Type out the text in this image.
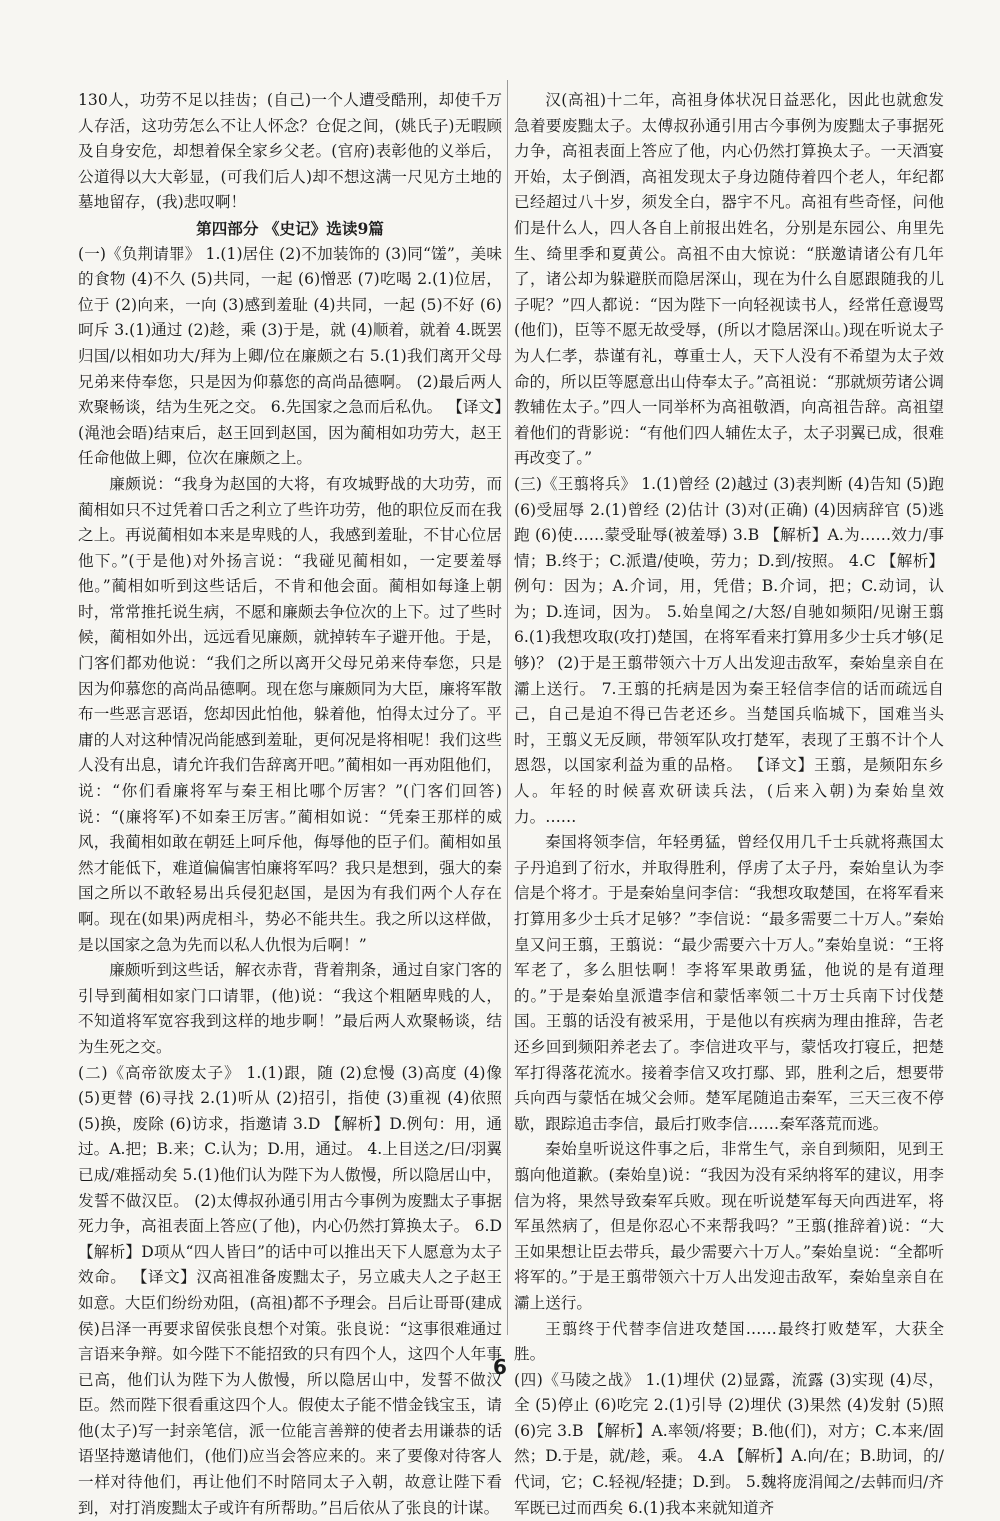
130人，功劳不足以挂齿；(自己)一个人遭受酷刑，却使千万人存活，这功劳怎么不让人怀念？仓促之间，(姚氏子)无暇顾及自身安危，却想着保全家乡父老。(官府)表彰他的义举后，公道得以大大彰显，(可我们后人)却不想这满一尺见方土地的墓地留存，(我)悲叹啊！

第四部分 《史记》选读9篇

(一)《负荆请罪》 1.(1)居住 (2)不加装饰的 (3)同“馐”，美味的食物 (4)不久 (5)共同，一起 (6)憎恶 (7)吃喝 2.(1)位居，位于 (2)向来，一向 (3)感到羞耻 (4)共同，一起 (5)不好 (6)呵斥 3.(1)通过 (2)趁，乘 (3)于是，就 (4)顺着，就着 4.既罢归国/以相如功大/拜为上卿/位在廉颇之右 5.(1)我们离开父母兄弟来侍奉您，只是因为仰慕您的高尚品德啊。 (2)最后两人欢聚畅谈，结为生死之交。 6.先国家之急而后私仇。 【译文】(渑池会晤)结束后，赵王回到赵国，因为蔺相如功劳大，赵王任命他做上卿，位次在廉颇之上。

廉颇说：“我身为赵国的大将，有攻城野战的大功劳，而蔺相如只不过凭着口舌之利立了些许功劳，他的职位反而在我之上。再说蔺相如本来是卑贱的人，我感到羞耻，不甘心位居他下。”(于是他)对外扬言说：“我碰见蔺相如，一定要羞辱他。”蔺相如听到这些话后，不肯和他会面。蔺相如每逢上朝时，常常推托说生病，不愿和廉颇去争位次的上下。过了些时候，蔺相如外出，远远看见廉颇，就掉转车子避开他。于是，门客们都劝他说：“我们之所以离开父母兄弟来侍奉您，只是因为仰慕您的高尚品德啊。现在您与廉颇同为大臣，廉将军散布一些恶言恶语，您却因此怕他，躲着他，怕得太过分了。平庸的人对这种情况尚能感到羞耻，更何况是将相呢！我们这些人没有出息，请允许我们告辞离开吧。”蔺相如一再劝阻他们，说：“你们看廉将军与秦王相比哪个厉害？”(门客们回答)说：“(廉将军)不如秦王厉害。”蔺相如说：“凭秦王那样的威风，我蔺相如敢在朝廷上呵斥他，侮辱他的臣子们。蔺相如虽然才能低下，难道偏偏害怕廉将军吗？我只是想到，强大的秦国之所以不敢轻易出兵侵犯赵国，是因为有我们两个人存在啊。现在(如果)两虎相斗，势必不能共生。我之所以这样做，是以国家之急为先而以私人仇恨为后啊！”

廉颇听到这些话，解衣赤背，背着荆条，通过自家门客的引导到蔺相如家门口请罪，(他)说：“我这个粗陋卑贱的人，不知道将军宽容我到这样的地步啊！”最后两人欢聚畅谈，结为生死之交。

(二)《高帝欲废太子》 1.(1)跟，随 (2)怠慢 (3)高度 (4)像 (5)更替 (6)寻找 2.(1)听从 (2)招引，指使 (3)重视 (4)依照 (5)换，废除 (6)访求，指邀请 3.D 【解析】D.例句：用，通过。A.把；B.来；C.认为；D.用，通过。 4.上目送之/曰/羽翼已成/难摇动矣 5.(1)他们认为陛下为人傲慢，所以隐居山中，发誓不做汉臣。 (2)太傅叔孙通引用古今事例为废黜太子事据死力争，高祖表面上答应(了他)，内心仍然打算换太子。 6.D 【解析】D项从“四人皆曰”的话中可以推出天下人愿意为太子效命。 【译文】汉高祖准备废黜太子，另立戚夫人之子赵王如意。大臣们纷纷劝阻，(高祖)都不予理会。吕后让哥哥(建成侯)吕泽一再要求留侯张良想个对策。张良说：“这事很难通过言语来争辩。如今陛下不能招致的只有四个人，这四个人年事已高，他们认为陛下为人傲慢，所以隐居山中，发誓不做汉臣。然而陛下很看重这四个人。假使太子能不惜金钱宝玉，请他(太子)写一封亲笔信，派一位能言善辩的使者去用谦恭的话语坚持邀请他们，(他们)应当会答应来的。来了要像对待客人一样对待他们，再让他们不时陪同太子入朝，故意让陛下看到，对打消废黜太子或许有所帮助。”吕后依从了张良的计谋。

汉(高祖)十二年，高祖身体状况日益恶化，因此也就愈发急着要废黜太子。太傅叔孙通引用古今事例为废黜太子事据死力争，高祖表面上答应了他，内心仍然打算换太子。一天酒宴开始，太子倒酒，高祖发现太子身边随侍着四个老人，年纪都已经超过八十岁，须发全白，器宇不凡。高祖有些奇怪，问他们是什么人，四人各自上前报出姓名，分别是东园公、甪里先生、绮里季和夏黄公。高祖不由大惊说：“朕邀请诸公有几年了，诸公却为躲避朕而隐居深山，现在为什么自愿跟随我的儿子呢？”四人都说：“因为陛下一向轻视读书人，经常任意谩骂(他们)，臣等不愿无故受辱，(所以才隐居深山。)现在听说太子为人仁孝，恭谨有礼，尊重士人，天下人没有不希望为太子效命的，所以臣等愿意出山侍奉太子。”高祖说：“那就烦劳诸公调教辅佐太子。”四人一同举杯为高祖敬酒，向高祖告辞。高祖望着他们的背影说：“有他们四人辅佐太子，太子羽翼已成，很难再改变了。”

(三)《王翦将兵》 1.(1)曾经 (2)越过 (3)表判断 (4)告知 (5)跑 (6)受屈辱 2.(1)曾经 (2)估计 (3)对(正确) (4)因病辞官 (5)逃跑 (6)使……蒙受耻辱(被羞辱) 3.B 【解析】A.为……效力/事情；B.终于；C.派遣/使唤，劳力；D.到/按照。 4.C 【解析】例句：因为；A.介词，用，凭借；B.介词，把；C.动词，认为；D.连词，因为。 5.始皇闻之/大怒/自驰如频阳/见谢王翦 6.(1)我想攻取(攻打)楚国，在将军看来打算用多少士兵才够(足够)？ (2)于是王翦带领六十万人出发迎击敌军，秦始皇亲自在灞上送行。 7.王翦的托病是因为秦王轻信李信的话而疏远自己，自己是迫不得已告老还乡。当楚国兵临城下，国难当头时，王翦义无反顾，带领军队攻打楚军，表现了王翦不计个人恩怨，以国家利益为重的品格。 【译文】王翦，是频阳东乡人。年轻的时候喜欢研读兵法，(后来入朝)为秦始皇效力。……

秦国将领李信，年轻勇猛，曾经仅用几千士兵就将燕国太子丹追到了衍水，并取得胜利，俘虏了太子丹，秦始皇认为李信是个将才。于是秦始皇问李信：“我想攻取楚国，在将军看来打算用多少士兵才足够？”李信说：“最多需要二十万人。”秦始皇又问王翦，王翦说：“最少需要六十万人。”秦始皇说：“王将军老了，多么胆怯啊！李将军果敢勇猛，他说的是有道理的。”于是秦始皇派遣李信和蒙恬率领二十万士兵南下讨伐楚国。王翦的话没有被采用，于是他以有疾病为理由推辞，告老还乡回到频阳养老去了。李信进攻平与，蒙恬攻打寝丘，把楚军打得落花流水。接着李信又攻打鄢、郢，胜利之后，想要带兵向西与蒙恬在城父会师。楚军尾随追击秦军，三天三夜不停歇，跟踪追击李信，最后打败李信……秦军落荒而逃。

秦始皇听说这件事之后，非常生气，亲自到频阳，见到王翦向他道歉。(秦始皇)说：“我因为没有采纳将军的建议，用李信为将，果然导致秦军兵败。现在听说楚军每天向西进军，将军虽然病了，但是你忍心不来帮我吗？”王翦(推辞着)说：“大王如果想让臣去带兵，最少需要六十万人。”秦始皇说：“全都听将军的。”于是王翦带领六十万人出发迎击敌军，秦始皇亲自在灞上送行。

王翦终于代替李信进攻楚国……最终打败楚军，大获全胜。

(四)《马陵之战》 1.(1)埋伏 (2)显露，流露 (3)实现 (4)尽，全 (5)停止 (6)吃完 2.(1)引导 (2)埋伏 (3)果然 (4)发射 (5)照 (6)完 3.B 【解析】A.率领/将要；B.他(们)，对方；C.本来/固然；D.于是，就/趁，乘。 4.A 【解析】A.向/在；B.助词，的/代词，它；C.轻视/轻捷；D.到。 5.魏将庞涓闻之/去韩而归/齐军既已过而西矣 6.(1)我本来就知道齐

6
